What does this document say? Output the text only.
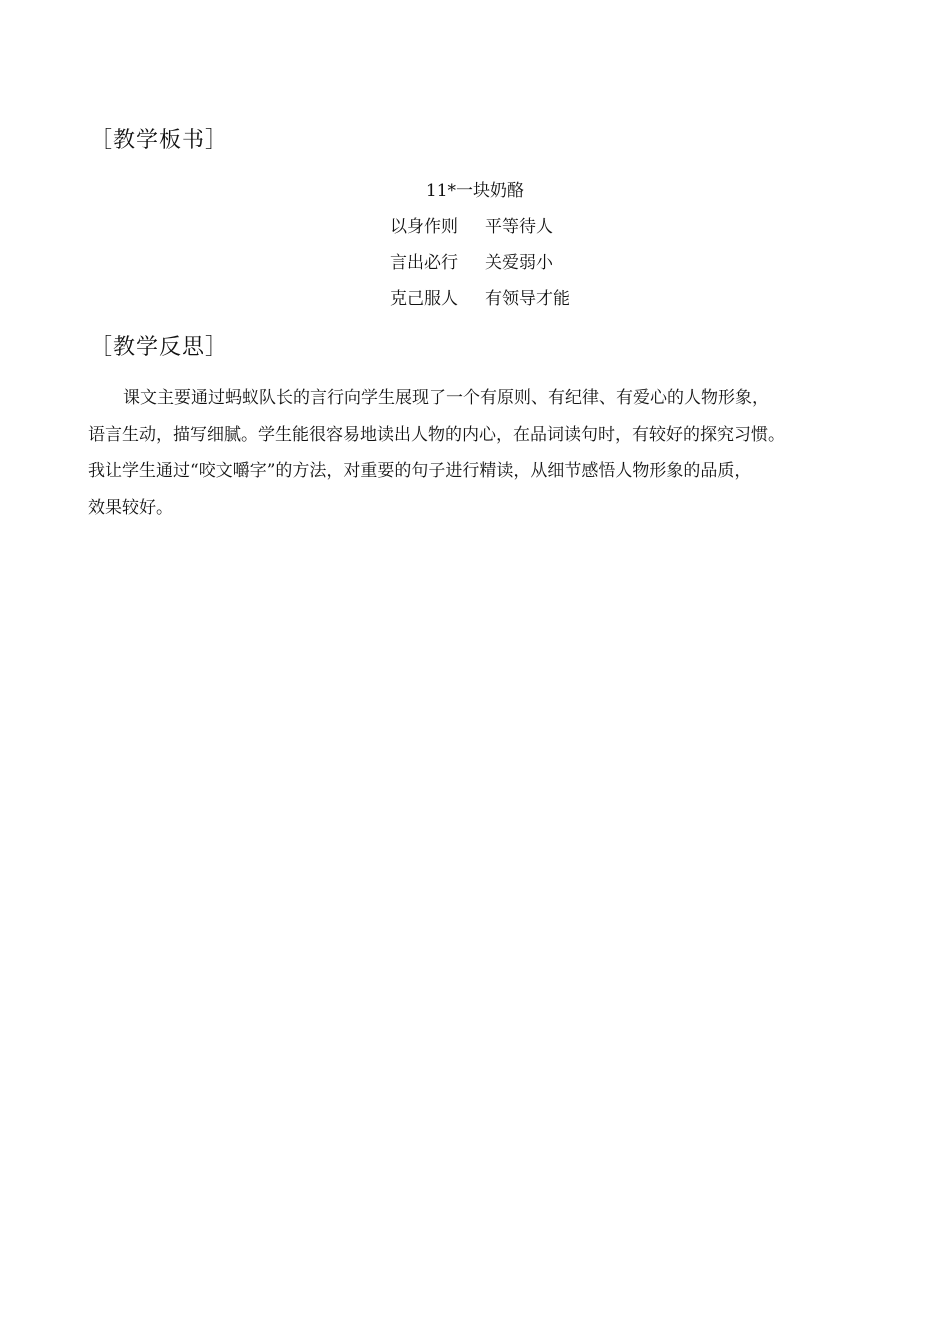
［教学板书］
11*一块奶酪
以身作则 平等待人
言出必行 关爱弱小
克己服人 有领导才能
［教学反思］
课文主要通过蚂蚁队长的言行向学生展现了一个有原则、有纪律、有爱心的人物形象，
语言生动，描写细腻。学生能很容易地读出人物的内心，在品词读句时，有较好的探究习惯。
我让学生通过“咬文嚼字”的方法，对重要的句子进行精读，从细节感悟人物形象的品质，
效果较好。
